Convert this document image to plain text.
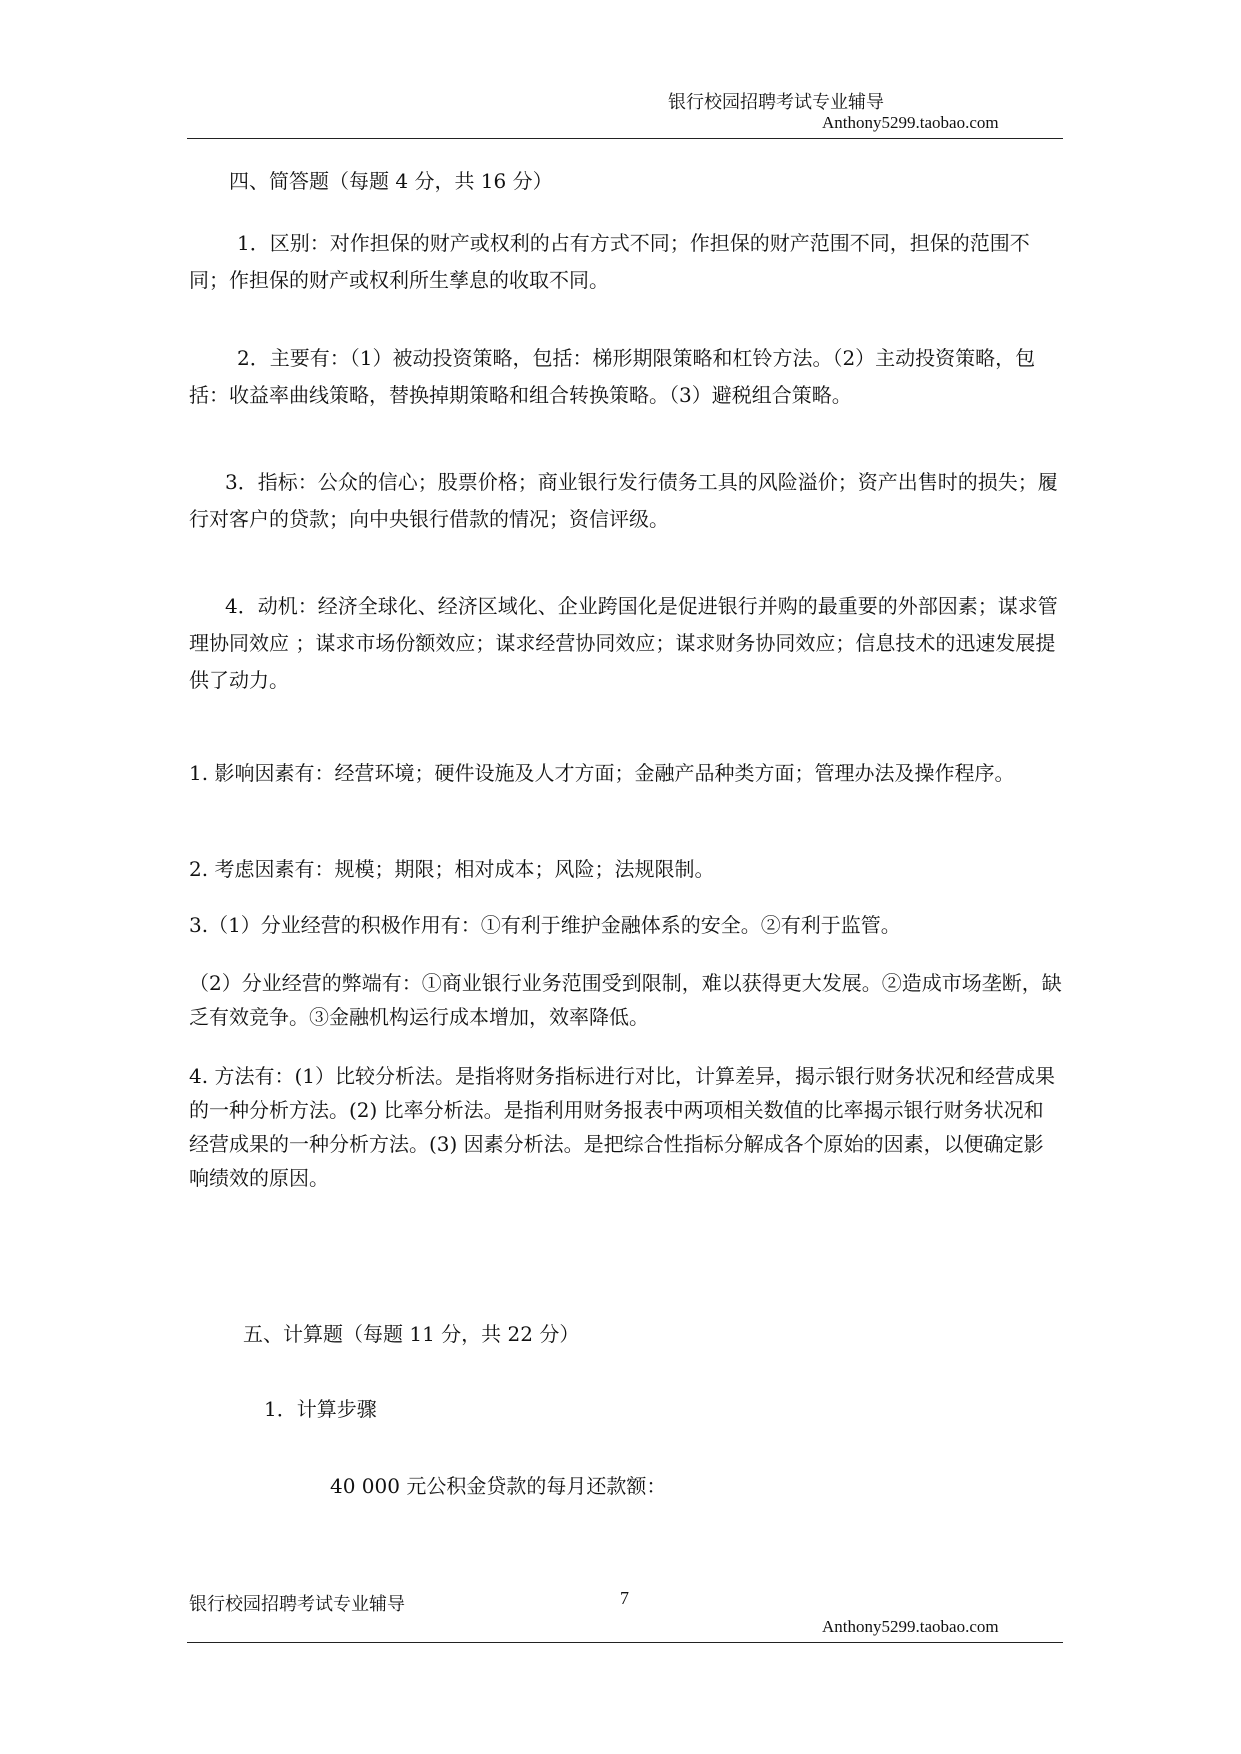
银行校园招聘考试专业辅导
Anthony5299.taobao.com
四、简答题（每题 4 分，共 16 分）
1．区别：对作担保的财产或权利的占有方式不同；作担保的财产范围不同，担保的范围不同；作担保的财产或权利所生孳息的收取不同。
2．主要有：（1）被动投资策略，包括：梯形期限策略和杠铃方法。（2）主动投资策略，包括：收益率曲线策略，替换掉期策略和组合转换策略。（3）避税组合策略。
3．指标：公众的信心；股票价格；商业银行发行债务工具的风险溢价；资产出售时的损失；履行对客户的贷款；向中央银行借款的情况；资信评级。
4．动机：经济全球化、经济区域化、企业跨国化是促进银行并购的最重要的外部因素；谋求管理协同效应 ；谋求市场份额效应；谋求经营协同效应；谋求财务协同效应；信息技术的迅速发展提供了动力。
1. 影响因素有：经营环境；硬件设施及人才方面；金融产品种类方面；管理办法及操作程序。
2. 考虑因素有：规模；期限；相对成本；风险；法规限制。
3.（1）分业经营的积极作用有：①有利于维护金融体系的安全。②有利于监管。
（2）分业经营的弊端有：①商业银行业务范围受到限制，难以获得更大发展。②造成市场垄断，缺乏有效竞争。③金融机构运行成本增加，效率降低。
4. 方法有：(1）比较分析法。是指将财务指标进行对比，计算差异，揭示银行财务状况和经营成果的一种分析方法。(2) 比率分析法。是指利用财务报表中两项相关数值的比率揭示银行财务状况和经营成果的一种分析方法。(3) 因素分析法。是把综合性指标分解成各个原始的因素，以便确定影响绩效的原因。
五、计算题（每题 11 分，共 22 分）
1．计算步骤
40 000 元公积金贷款的每月还款额：
银行校园招聘考试专业辅导	7
Anthony5299.taobao.com
